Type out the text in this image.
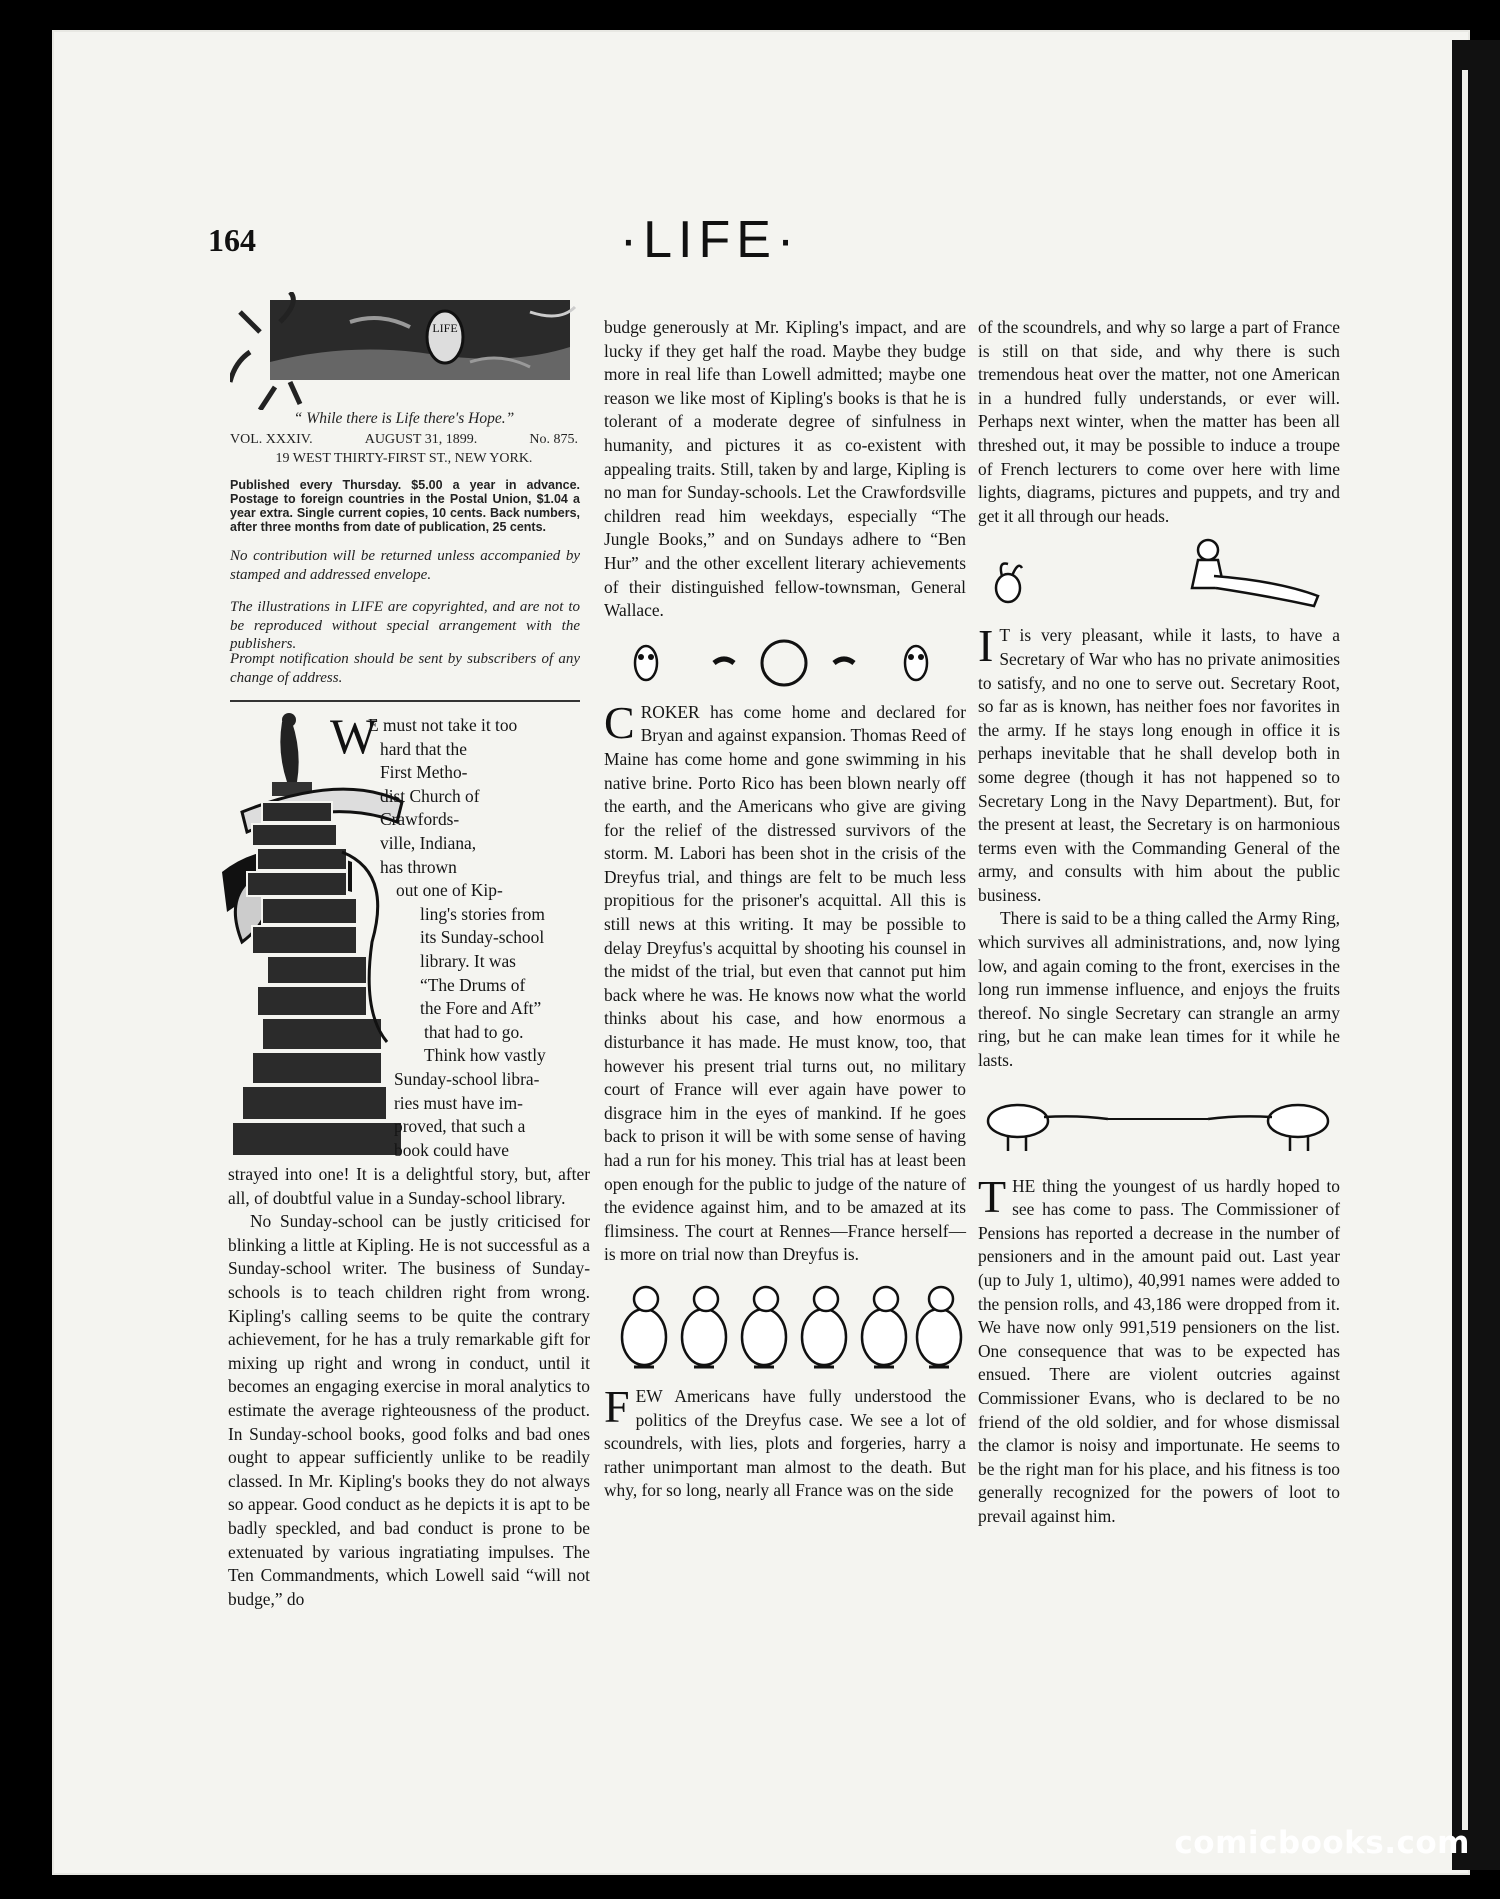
164	·LIFE·
LIFE
“ While there is Life there's Hope.”
VOL. XXXIV.	AUGUST 31, 1899.	No. 875.
19 WEST THIRTY-FIRST ST., NEW YORK.
Published every Thursday. $5.00 a year in advance. Postage to foreign countries in the Postal Union, $1.04 a year extra. Single current copies, 10 cents. Back numbers, after three months from date of publication, 25 cents.
No contribution will be returned unless accompanied by stamped and addressed envelope.
The illustrations in LIFE are copyrighted, and are not to be reproduced without special arrangement with the publishers.
Prompt notification should be sent by subscribers of any change of address.
W
E must not take it too
hard that the
First Metho-
dist Church of
Crawfords-
ville, Indiana,
has thrown
out one of Kip-
ling's stories from
its Sunday-school
library. It was
“The Drums of
the Fore and Aft”
that had to go.
Think how vastly
Sunday-school libra-
ries must have im-
proved, that such a
book could have

strayed into one! It is a delightful story, but, after all, of doubtful value in a Sunday-school library.

No Sunday-school can be justly criticised for blinking a little at Kipling. He is not successful as a Sunday-school writer. The business of Sunday-schools is to teach children right from wrong. Kipling's calling seems to be quite the contrary achievement, for he has a truly remarkable gift for mixing up right and wrong in conduct, until it becomes an engaging exercise in moral analytics to estimate the average righteousness of the product. In Sunday-school books, good folks and bad ones ought to appear sufficiently unlike to be readily classed. In Mr. Kipling's books they do not always so appear. Good conduct as he depicts it is apt to be badly speckled, and bad conduct is prone to be extenuated by various ingratiating impulses. The Ten Commandments, which Lowell said “will not budge,” do

budge generously at Mr. Kipling's impact, and are lucky if they get half the road. Maybe they budge more in real life than Lowell admitted; maybe one reason we like most of Kipling's books is that he is tolerant of a moderate degree of sinfulness in humanity, and pictures it as co-existent with appealing traits. Still, taken by and large, Kipling is no man for Sunday-schools. Let the Crawfordsville children read him weekdays, especially “The Jungle Books,” and on Sundays adhere to “Ben Hur” and the other excellent literary achievements of their distinguished fellow-townsman, General Wallace.

CROKER has come home and declared for Bryan and against expansion. Thomas Reed of Maine has come home and gone swimming in his native brine. Porto Rico has been blown nearly off the earth, and the Americans who give are giving for the relief of the distressed survivors of the storm. M. Labori has been shot in the crisis of the Dreyfus trial, and things are felt to be much less propitious for the prisoner's acquittal. All this is still news at this writing. It may be possible to delay Dreyfus's acquittal by shooting his counsel in the midst of the trial, but even that cannot put him back where he was. He knows now what the world thinks about his case, and how enormous a disturbance it has made. He must know, too, that however his present trial turns out, no military court of France will ever again have power to disgrace him in the eyes of mankind. If he goes back to prison it will be with some sense of having had a run for his money. This trial has at least been open enough for the public to judge of the nature of the evidence against him, and to be amazed at its flimsiness. The court at Rennes—France herself—is more on trial now than Dreyfus is.

FEW Americans have fully understood the politics of the Dreyfus case. We see a lot of scoundrels, with lies, plots and forgeries, harry a rather unimportant man almost to the death. But why, for so long, nearly all France was on the side

of the scoundrels, and why so large a part of France is still on that side, and why there is such tremendous heat over the matter, not one American in a hundred fully understands, or ever will. Perhaps next winter, when the matter has been all threshed out, it may be possible to induce a troupe of French lecturers to come over here with lime lights, diagrams, pictures and puppets, and try and get it all through our heads.

I T is very pleasant, while it lasts, to have a Secretary of War who has no private animosities to satisfy, and no one to serve out. Secretary Root, so far as is known, has neither foes nor favorites in the army. If he stays long enough in office it is perhaps inevitable that he shall develop both in some degree (though it has not happened so to Secretary Long in the Navy Department). But, for the present at least, the Secretary is on harmonious terms even with the Commanding General of the army, and consults with him about the public business.

There is said to be a thing called the Army Ring, which survives all administrations, and, now lying low, and again coming to the front, exercises in the long run immense influence, and enjoys the fruits thereof. No single Secretary can strangle an army ring, but he can make lean times for it while he lasts.

THE thing the youngest of us hardly hoped to see has come to pass. The Commissioner of Pensions has reported a decrease in the number of pensioners and in the amount paid out. Last year (up to July 1, ultimo), 40,991 names were added to the pension rolls, and 43,186 were dropped from it. We have now only 991,519 pensioners on the list. One consequence that was to be expected has ensued. There are violent outcries against Commissioner Evans, who is declared to be no friend of the old soldier, and for whose dismissal the clamor is noisy and importunate. He seems to be the right man for his place, and his fitness is too generally recognized for the powers of loot to prevail against him.

comicbooks.com
